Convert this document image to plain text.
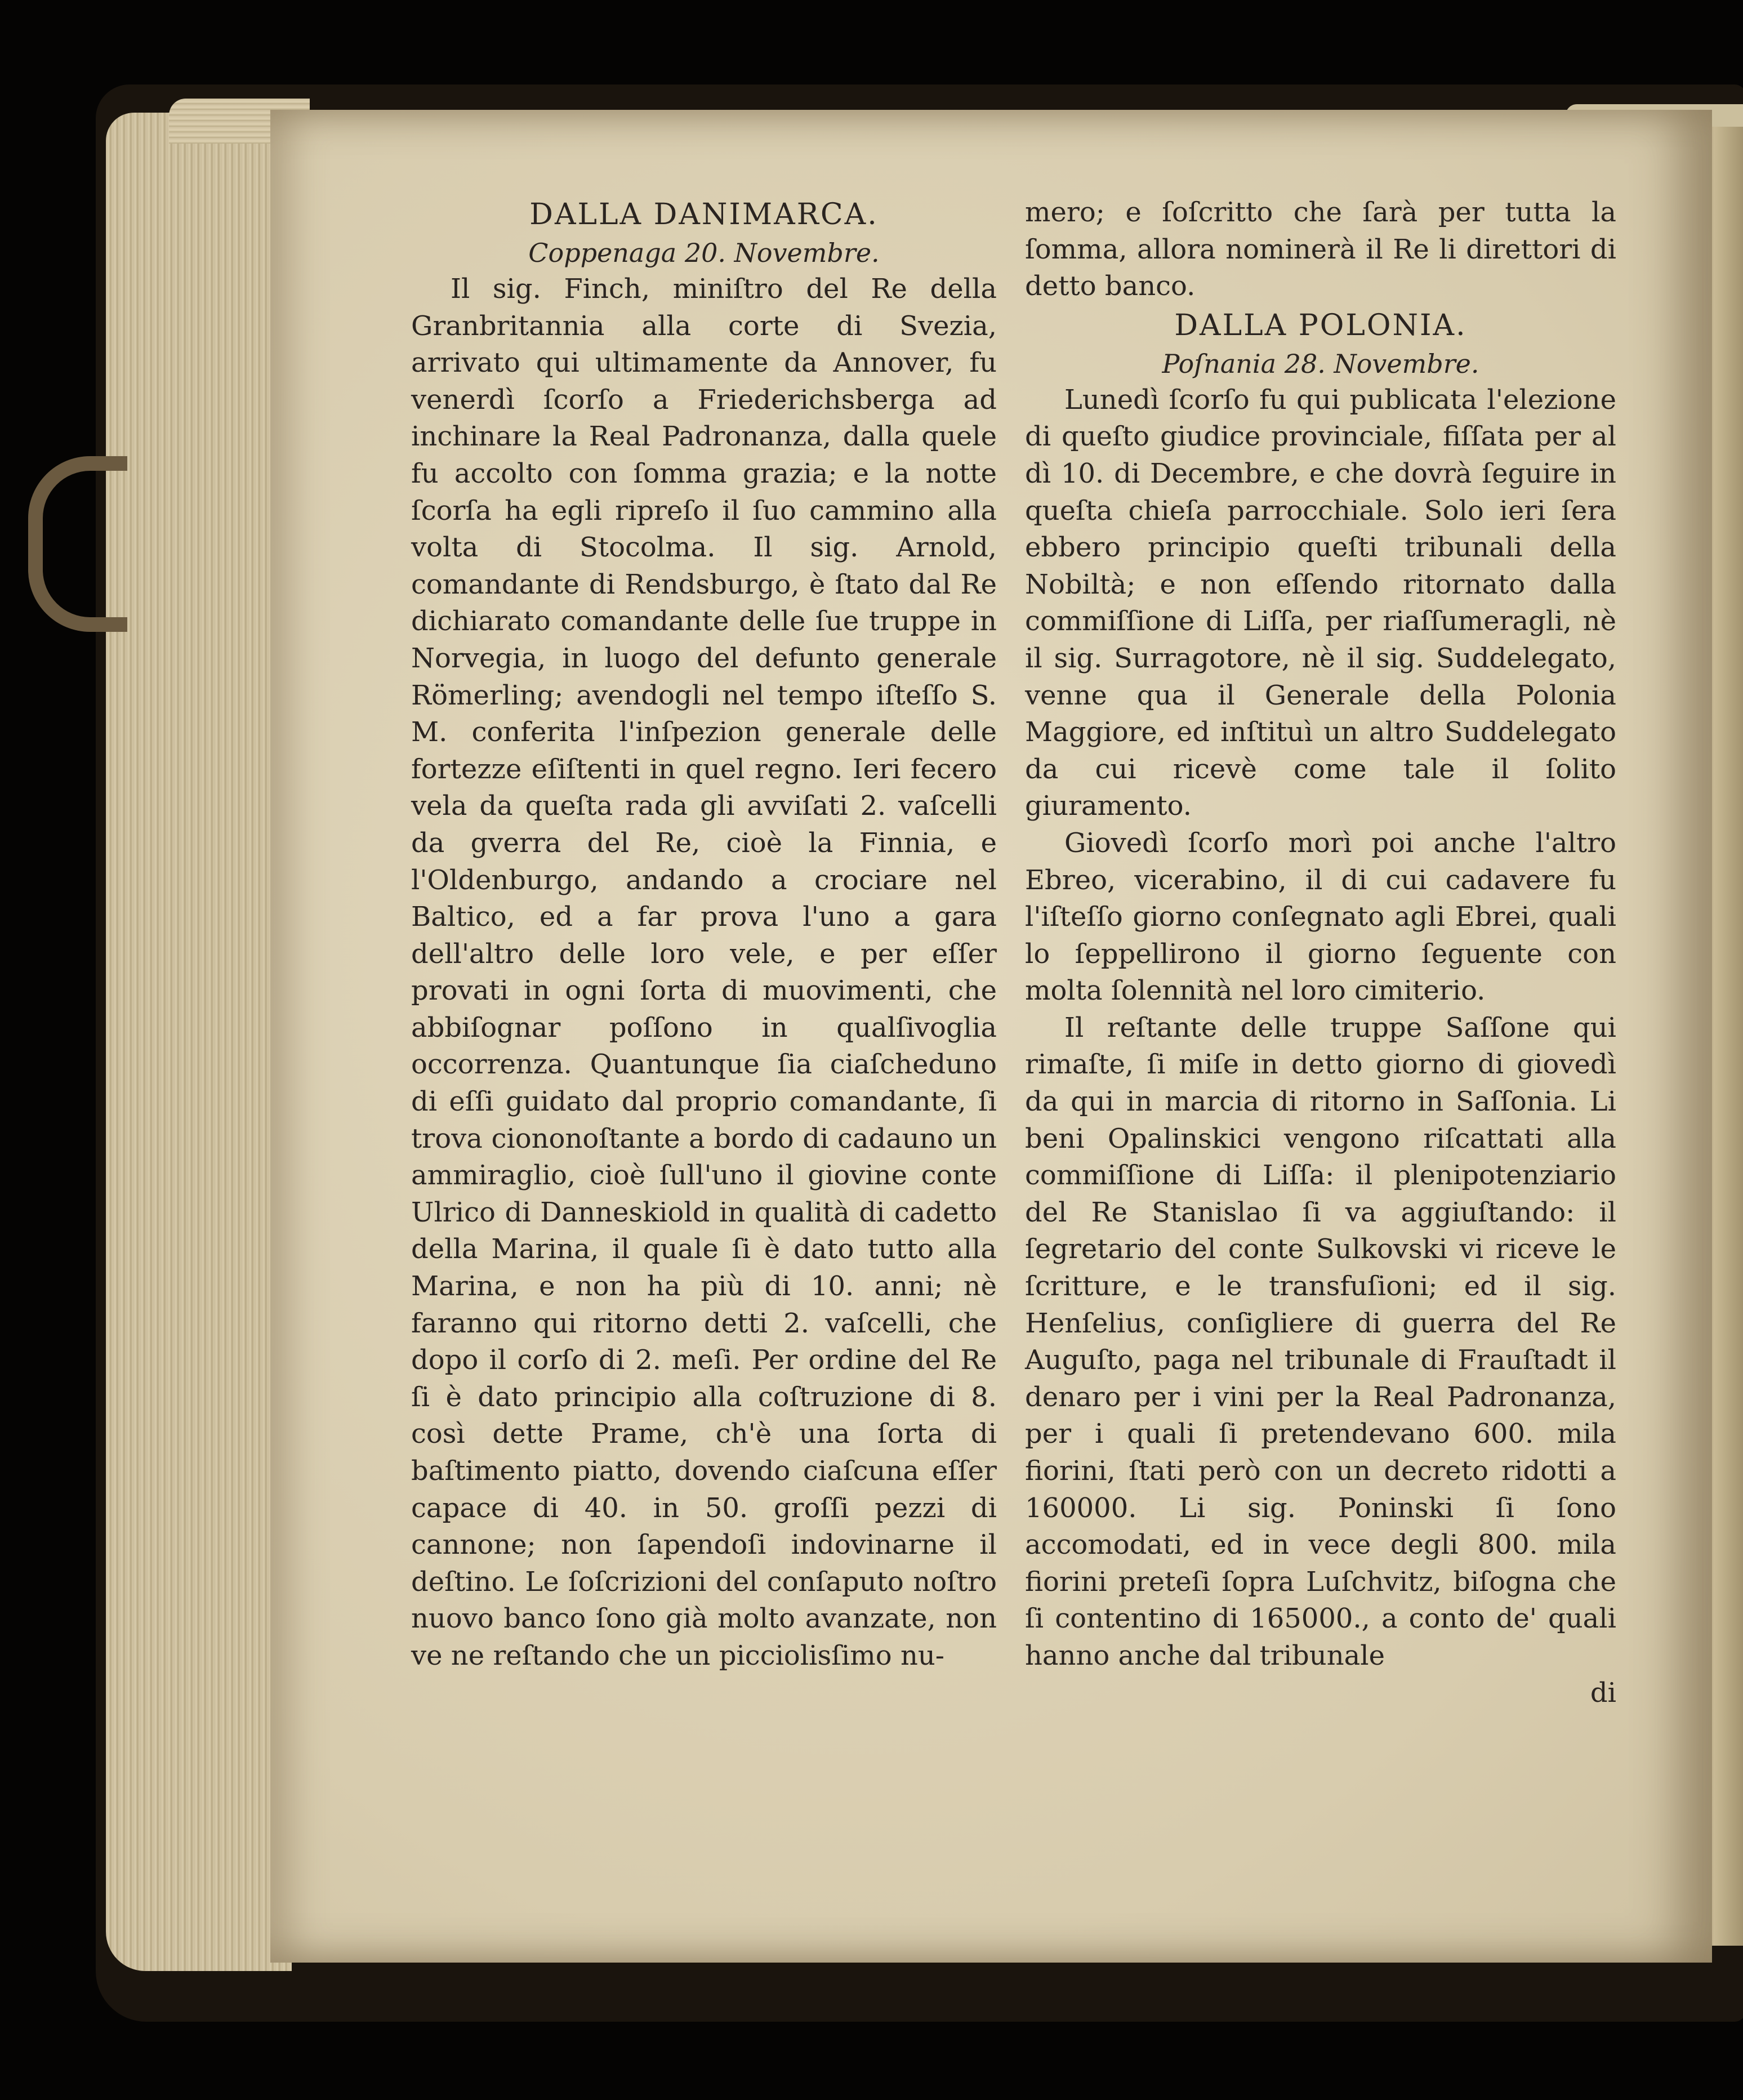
DALLA DANIMARCA.
Coppenaga 20. Novembre.

Il sig. Finch, miniſtro del Re della Granbritannia alla corte di Svezia, arrivato qui ultimamente da Annover, fu venerdì ſcorſo a Friederichsberga ad inchinare la Real Padronanza, dalla quele fu accolto con ſomma grazia; e la notte ſcorſa ha egli ripreſo il ſuo cammino alla volta di Stocolma. Il sig. Arnold, comandante di Rendsburgo, è ſtato dal Re dichiarato comandante delle ſue truppe in Norvegia, in luogo del defunto generale Römerling; avendogli nel tempo iſteſſo S. M. conferita l'inſpezion generale delle fortezze eſiſtenti in quel regno. Ieri fecero vela da queſta rada gli avviſati 2. vaſcelli da gverra del Re, cioè la Finnia, e l'Oldenburgo, andando a crociare nel Baltico, ed a far prova l'uno a gara dell'altro delle loro vele, e per eſſer provati in ogni ſorta di muovimenti, che abbiſognar poſſono in qualſivoglia occorrenza. Quantunque ſia ciaſcheduno di eſſi guidato dal proprio comandante, ſi trova ciononoſtante a bordo di cadauno un ammiraglio, cioè ſull'uno il giovine conte Ulrico di Danneskiold in qualità di cadetto della Marina, il quale ſi è dato tutto alla Marina, e non ha più di 10. anni; nè faranno qui ritorno detti 2. vaſcelli, che dopo il corſo di 2. meſi. Per ordine del Re ſi è dato principio alla coſtruzione di 8. così dette Prame, ch'è una ſorta di baſtimento piatto, dovendo ciaſcuna eſſer capace di 40. in 50. groſſi pezzi di cannone; non ſapendoſi indovinarne il deſtino. Le ſoſcrizioni del conſaputo noſtro nuovo banco ſono già molto avanzate, non ve ne reſtando che un picciolisſimo nu-

mero; e ſoſcritto che ſarà per tutta la ſomma, allora nominerà il Re li direttori di detto banco.

DALLA POLONIA.
Poſnania 28. Novembre.

Lunedì ſcorſo fu qui publicata l'elezione di queſto giudice provinciale, fiſſata per al dì 10. di Decembre, e che dovrà ſeguire in queſta chieſa parrocchiale. Solo ieri ſera ebbero principio queſti tribunali della Nobiltà; e non eſſendo ritornato dalla commiſſione di Liſſa, per riaſſumeragli, nè il sig. Surragotore, nè il sig. Suddelegato, venne qua il Generale della Polonia Maggiore, ed inſtituì un altro Suddelegato da cui ricevè come tale il ſolito giuramento.

Giovedì ſcorſo morì poi anche l'altro Ebreo, vicerabino, il di cui cadavere fu l'iſteſſo giorno conſegnato agli Ebrei, quali lo ſeppellirono il giorno ſeguente con molta ſolennità nel loro cimiterio.

Il reſtante delle truppe Saſſone qui rimaſte, ſi miſe in detto giorno di giovedì da qui in marcia di ritorno in Saſſonia. Li beni Opalinskici vengono riſcattati alla commiſſione di Liſſa: il plenipotenziario del Re Stanislao ſi va aggiuſtando: il ſegretario del conte Sulkovski vi riceve le ſcritture, e le transfuſioni; ed il sig. Henſelius, conſigliere di guerra del Re Auguſto, paga nel tribunale di Frauſtadt il denaro per i vini per la Real Padronanza, per i quali ſi pretendevano 600. mila fiorini, ſtati però con un decreto ridotti a 160000. Li sig. Poninski ſi ſono accomodati, ed in vece degli 800. mila fiorini preteſi ſopra Luſchvitz, biſogna che ſi contentino di 165000., a conto de' quali hanno anche dal tribunale

di
